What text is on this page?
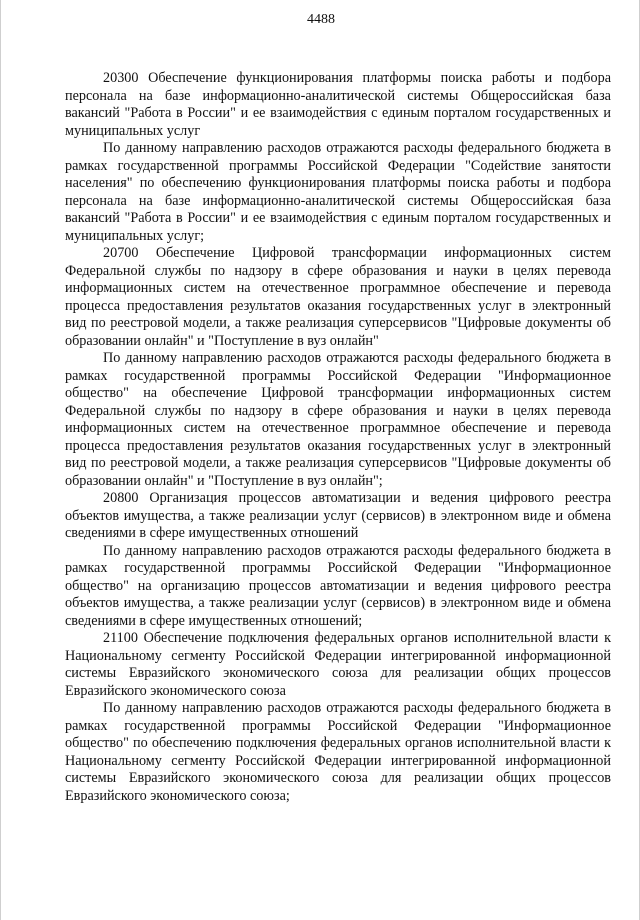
4488

20300 Обеспечение функционирования платформы поиска работы и подбора персонала на базе информационно-аналитической системы Общероссийская база вакансий "Работа в России" и ее взаимодействия с единым порталом государственных и муниципальных услуг

По данному направлению расходов отражаются расходы федерального бюджета в рамках государственной программы Российской Федерации "Содействие занятости населения" по обеспечению функционирования платформы поиска работы и подбора персонала на базе информационно-аналитической системы Общероссийская база вакансий "Работа в России" и ее взаимодействия с единым порталом государственных и муниципальных услуг;

20700 Обеспечение Цифровой трансформации информационных систем Федеральной службы по надзору в сфере образования и науки в целях перевода информационных систем на отечественное программное обеспечение и перевода процесса предоставления результатов оказания государственных услуг в электронный вид по реестровой модели, а также реализация суперсервисов "Цифровые документы об образовании онлайн" и "Поступление в вуз онлайн"

По данному направлению расходов отражаются расходы федерального бюджета в рамках государственной программы Российской Федерации "Информационное общество" на обеспечение Цифровой трансформации информационных систем Федеральной службы по надзору в сфере образования и науки в целях перевода информационных систем на отечественное программное обеспечение и перевода процесса предоставления результатов оказания государственных услуг в электронный вид по реестровой модели, а также реализация суперсервисов "Цифровые документы об образовании онлайн" и "Поступление в вуз онлайн";

20800 Организация процессов автоматизации и ведения цифрового реестра объектов имущества, а также реализации услуг (сервисов) в электронном виде и обмена сведениями в сфере имущественных отношений

По данному направлению расходов отражаются расходы федерального бюджета в рамках государственной программы Российской Федерации "Информационное общество" на организацию процессов автоматизации и ведения цифрового реестра объектов имущества, а также реализации услуг (сервисов) в электронном виде и обмена сведениями в сфере имущественных отношений;

21100 Обеспечение подключения федеральных органов исполнительной власти к Национальному сегменту Российской Федерации интегрированной информационной системы Евразийского экономического союза для реализации общих процессов Евразийского экономического союза

По данному направлению расходов отражаются расходы федерального бюджета в рамках государственной программы Российской Федерации "Информационное общество" по обеспечению подключения федеральных органов исполнительной власти к Национальному сегменту Российской Федерации интегрированной информационной системы Евразийского экономического союза для реализации общих процессов Евразийского экономического союза;
